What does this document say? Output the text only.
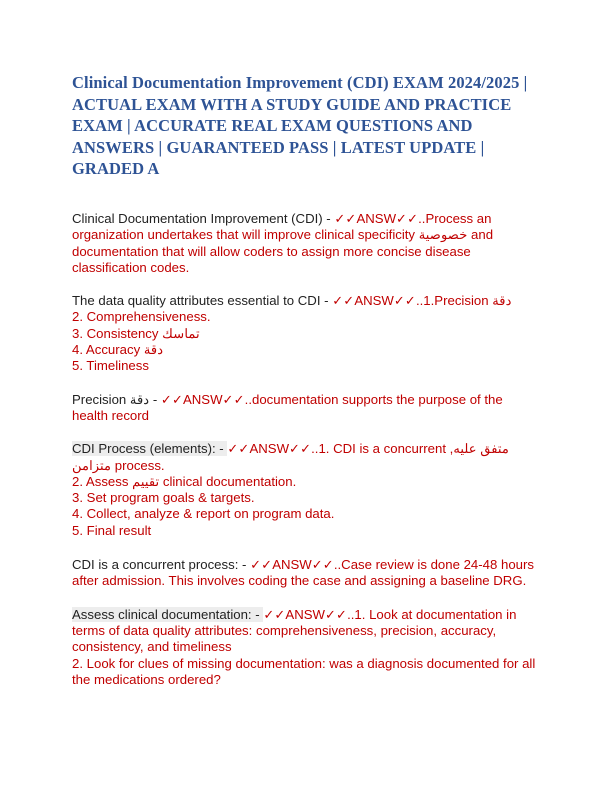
Clinical Documentation Improvement (CDI) EXAM 2024/2025 | ACTUAL EXAM WITH A STUDY GUIDE AND PRACTICE EXAM | ACCURATE REAL EXAM QUESTIONS AND ANSWERS | GUARANTEED PASS | LATEST UPDATE | GRADED A
Clinical Documentation Improvement (CDI) - ✓✓ANSW✓✓..Process an organization undertakes that will improve clinical specificity خصوصية and documentation that will allow coders to assign more concise disease classification codes.
The data quality attributes essential to CDI - ✓✓ANSW✓✓..1.Precision دقة
2. Comprehensiveness.
3. Consistency تماسك
4. Accuracy دقة
5. Timeliness
Precision دقة - ✓✓ANSW✓✓..documentation supports the purpose of the health record
CDI Process (elements): - ✓✓ANSW✓✓..1. CDI is a concurrent متفق عليه, متزامن process.
2. Assess تقييم clinical documentation.
3. Set program goals & targets.
4. Collect, analyze & report on program data.
5. Final result
CDI is a concurrent process: - ✓✓ANSW✓✓..Case review is done 24-48 hours after admission. This involves coding the case and assigning a baseline DRG.
Assess clinical documentation: - ✓✓ANSW✓✓..1. Look at documentation in terms of data quality attributes: comprehensiveness, precision, accuracy, consistency, and timeliness
2. Look for clues of missing documentation: was a diagnosis documented for all the medications ordered?
